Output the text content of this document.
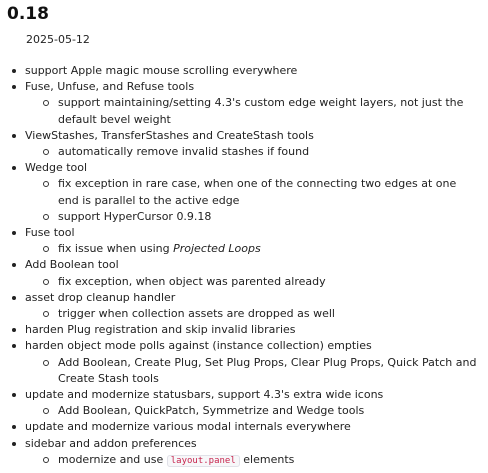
0.18
2025-05-12
support Apple magic mouse scrolling everywhere
Fuse, Unfuse, and Refuse tools
support maintaining/setting 4.3's custom edge weight layers, not just the default bevel weight
ViewStashes, TransferStashes and CreateStash tools
automatically remove invalid stashes if found
Wedge tool
fix exception in rare case, when one of the connecting two edges at one end is parallel to the active edge
support HyperCursor 0.9.18
Fuse tool
fix issue when using Projected Loops
Add Boolean tool
fix exception, when object was parented already
asset drop cleanup handler
trigger when collection assets are dropped as well
harden Plug registration and skip invalid libraries
harden object mode polls against (instance collection) empties
Add Boolean, Create Plug, Set Plug Props, Clear Plug Props, Quick Patch and Create Stash tools
update and modernize statusbars, support 4.3's extra wide icons
Add Boolean, QuickPatch, Symmetrize and Wedge tools
update and modernize various modal internals everywhere
sidebar and addon preferences
modernize and use layout.panel elements
